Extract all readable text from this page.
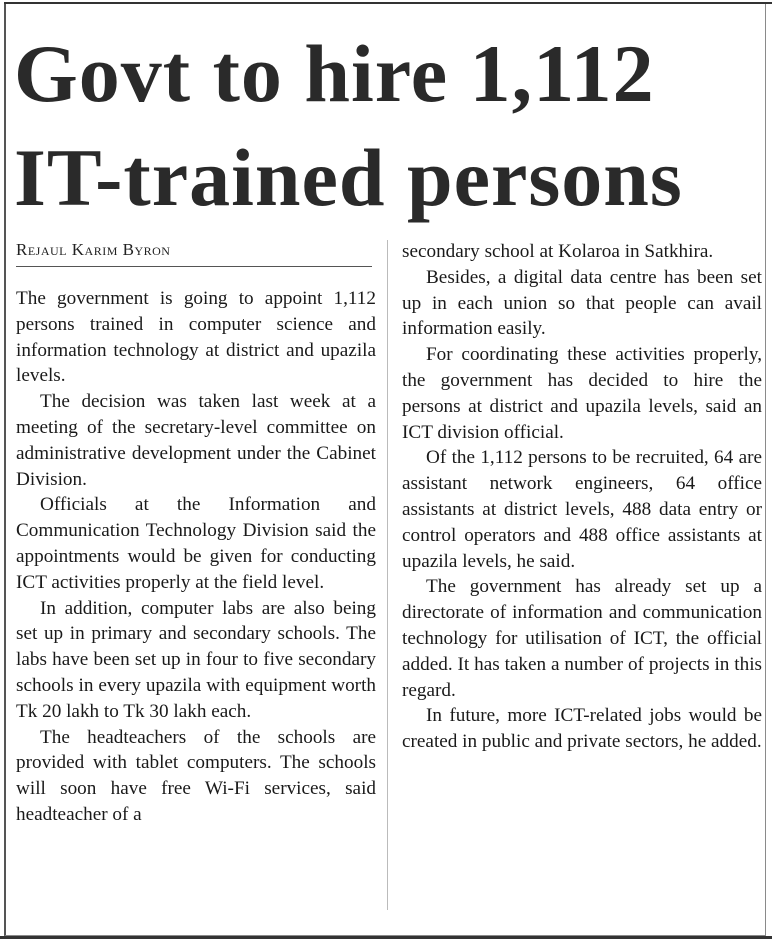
Govt to hire 1,112 IT-trained persons
Rejaul Karim Byron

The government is going to appoint 1,112 persons trained in computer science and information technology at district and upazila levels.

The decision was taken last week at a meeting of the secretary-level committee on administrative development under the Cabinet Division.

Officials at the Information and Communication Technology Division said the appointments would be given for conducting ICT activities properly at the field level.

In addition, computer labs are also being set up in primary and secondary schools. The labs have been set up in four to five secondary schools in every upazila with equipment worth Tk 20 lakh to Tk 30 lakh each.

The headteachers of the schools are provided with tablet computers. The schools will soon have free Wi-Fi services, said headteacher of a

secondary school at Kolaroa in Satkhira.

Besides, a digital data centre has been set up in each union so that people can avail information easily.

For coordinating these activities properly, the government has decided to hire the persons at district and upazila levels, said an ICT division official.

Of the 1,112 persons to be recruited, 64 are assistant network engineers, 64 office assistants at district levels, 488 data entry or control operators and 488 office assistants at upazila levels, he said.

The government has already set up a directorate of information and communication technology for utilisation of ICT, the official added. It has taken a number of projects in this regard.

In future, more ICT-related jobs would be created in public and private sectors, he added.
